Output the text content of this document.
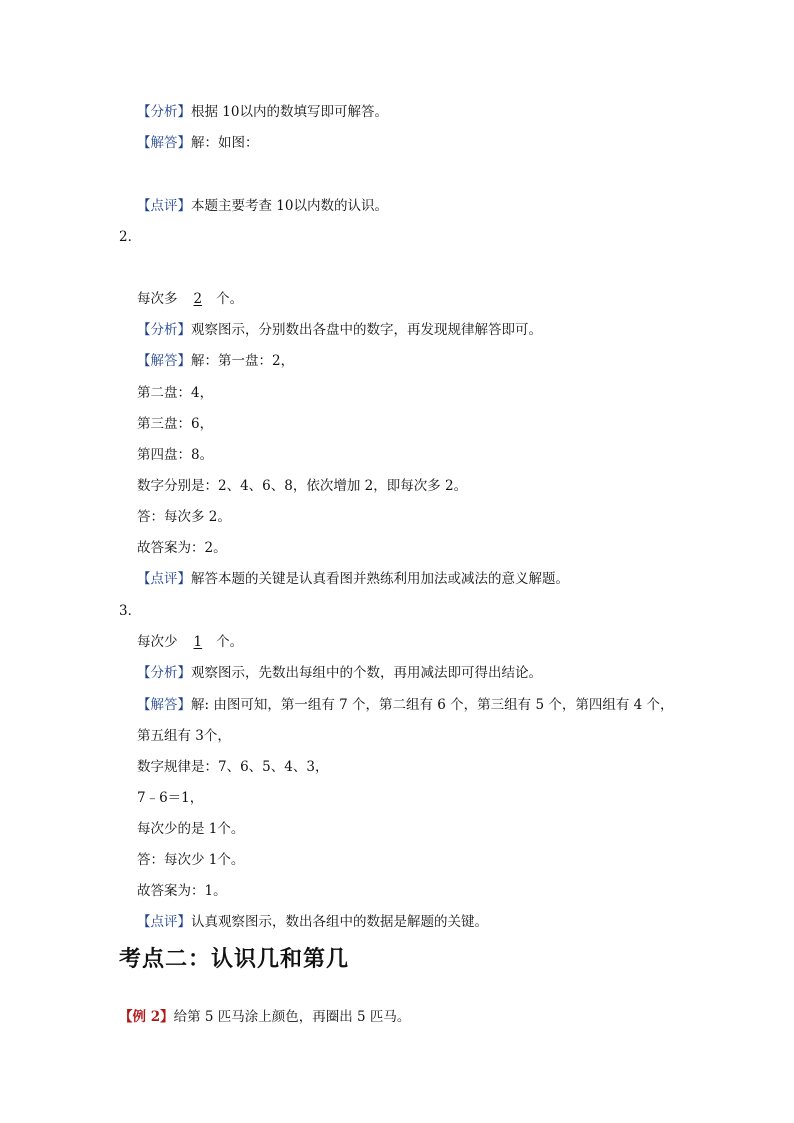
【分析】根据 10以内的数填写即可解答。
【解答】解：如图：
【点评】本题主要考查 10以内数的认识。
2．
每次多 2 个。
【分析】观察图示，分别数出各盘中的数字，再发现规律解答即可。
【解答】解：第一盘：2，
第二盘：4，
第三盘：6，
第四盘：8。
数字分别是：2、4、6、8，依次增加 2，即每次多 2。
答：每次多 2。
故答案为：2。
【点评】解答本题的关键是认真看图并熟练利用加法或减法的意义解题。
3．
每次少 1 个。
【分析】观察图示，先数出每组中的个数，再用减法即可得出结论。
【解答】解: 由图可知，第一组有 7 个，第二组有 6 个，第三组有 5 个，第四组有 4 个，
第五组有 3个，
数字规律是：7、6、5、4、3，
7﹣6＝1，
每次少的是 1个。
答：每次少 1个。
故答案为：1。
【点评】认真观察图示，数出各组中的数据是解题的关键。
考点二：认识几和第几
【例 2】给第 5 匹马涂上颜色，再圈出 5 匹马。
